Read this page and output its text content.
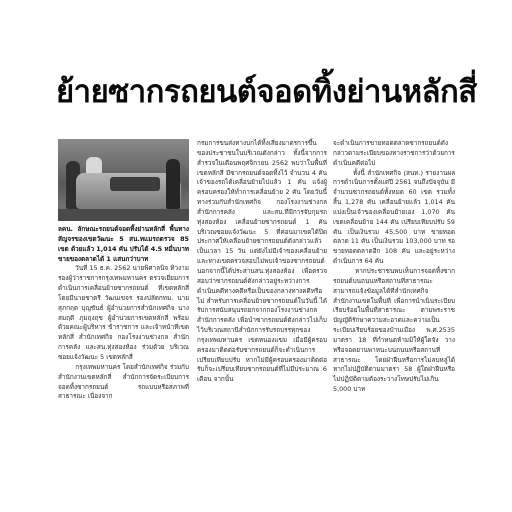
ย้ายซากรถยนต์จอดทิ้งย่านหลักสี่
ลคน. ลักษณะรถยนต์จอดทิ้งย่านหลักสี่ พื้นทางสัญจรของเขตวัฒนะ 5 สน.ทแมรถตรวจ 85 เขต ด้วยแล้ว 1,014 คัน ปรับได้ 4.5 หมื่นบาท ขายของตลาดได้ 1 แสนกว่าบาท
วันที่ 15 ธ.ค. 2562 นายพิศาลนิจ ทิวงาม รองผู้ว่าราชการกรุงเทพมหานคร ตรวจเยี่ยมการดำเนินการเคลื่อนย้ายซากรถยนต์ ที่เขตหลักสี่ โดยมีนายชาตรี วัฒนเขจร รองปลัดกทม. นายสุภกฤต บุญขันธ์ ผู้อำนวยการสำนักเทศกิจ นางสมฤดี ภุมฤงฤช ผู้อำนวยการเขตหลักสี่ พร้อมด้วยคณะผู้บริหาร ข้าราชการ และเจ้าหน้าที่เขตหลักสี่ สำนักเทศกิจ กองโรงงานช่างกล สำนักการคลัง และสน.ทุ่งสองห้อง ร่วมด้วย บริเวณซอยแจ้งวัฒนะ 5 เขตหลักสี่
กรุงเทพมหานคร โดยสำนักเทศกิจ ร่วมกับสำนักงานเขตหลักสี่ สำนักการจัดระเบียบการจอดทิ้งซากรถยนต์ รถแบบหรือสภาพที่สาธารณะ เนื่องจาก
กรมการขนส่งทางบกได้ทิ้งเสี่ยงมาตรการขึ้นของประชาชนในบริเวณดังกล่าว ทั้งนี้จากการสำรวจในเดือนพฤศจิกายน 2562 พบว่าในพื้นที่เขตหลักสี่ มีซากรถยนต์จอดทิ้งไว้ จำนวน 4 คัน เจ้าของรถได้เคลื่อนย้ายไปแล้ว 1 คัน แจ้งผู้ครอบครองให้ทำการเคลื่อนย้าย 2 คัน โดยวันนี้ทางร่วมกับสำนักเทศกิจ กองโรงงานช่างกลสำนักการคลัง และสน.ที่มีการจับกุมรถทุ่งสองห้อง เคลื่อนย้ายซากรถยนต์ 1 คัน บริเวณซอยแจ้งวัฒนะ 5 ที่ค่อนมาเขตได้ปิดประกาศให้เคลื่อนย้ายซากรถยนต์ดังกล่าวแล้วเป็นเวลา 15 วัน แต่ยังไม่มีเจ้าของเคลื่อนย้าย และทางเขตตรวจสอบไม่พบเจ้าของซากรถยนต์ นอกจากนี้ได้ประสานสน.ทุ่งสองห้อง เพื่อตรวจสอบว่าซากรถยนต์ดังกล่าวอยู่ระหว่างการดำเนินคดีทางคดีหรือเป็นของกลางทางคดีหรือไม่ สำหรับการเคลื่อนย้ายซากรถยนต์ในวันนี้ ได้รับการสนับสนุนรถยกจากกองโรงงานช่างกล สำนักการคลัง เพื่อนำซากรถยนต์ดังกล่าวไปเก็บไว้บริเวณสถานีสำนักการรับรถบรรทุกของกรุงเทพมหานคร เขตหนองแขม เมื่อมีผู้ครอบครองมาติดต่อรับซากรถยนต์ก็จะดำเนินการเปรียบเทียบปรับ หากไม่มีผู้ครอบครองมาติดต่อรับก็จะเปรียบเทียบซากรถยนต์ที่ไม่มีประมาณ 6 เดือน จากนั้น
จะดำเนินการขายทอดตลาดซากรถยนต์ดังกล่าวตามระเบียบของทางราชการว่าด้วยการดำเนินคดีต่อไป
ทั้งนี้ สำนักเทศกิจ (สนท.) รายงานผลการดำเนินการตั้งแต่ปี 2561 จนถึงปัจจุบัน มีจำนวนซากรถยนต์ทั้งหมด 60 เขต รวมทั้งสิ้น 1,278 คัน เคลื่อนย้ายแล้ว 1,014 คัน แบ่งเป็นเจ้าของเคลื่อนย้ายเอง 1,070 คัน เขตเคลื่อนย้าย 144 คัน เปรียบเทียบปรับ 59 คัน เป็นเงินรวม 45,500 บาท ขายทอดตลาด 11 คัน เป็นเงินรวม 103,000 บาท รอขายทอดตลาดอีก 108 คัน และอยู่ระหว่างดำเนินการ 64 คัน
หากประชาชนพบเห็นการจอดทิ้งซากรถยนต์บนถนนหรือสถานที่สาธารณะ สามารถแจ้งข้อมูลได้ที่สำนักเทศกิจ สำนักงานเขตในพื้นที่ เพื่อการนำเนินระเบียบเรียบร้อยในพื้นที่สาธารณะ ตามพระราชบัญญัติรักษาความสะอาดและความเป็นระเบียบเรียบร้อยของบ้านเมือง พ.ศ.2535 มาตรา 18 ที่กำหนดห้ามมิให้ผู้ใดจัง วาง หรือจอดยานพาหนะบนถนนหรือสถานที่สาธารณะ โดยฝ่าฝืนหรือการไม่ลบหลู่ได้ หากไม่ปฏิบัติตามมาตรา 58 ผู้ใดฝ่าฝืนหรือไม่ปฏิบัติตามต้องระวางโทษปรับไม่เกิน 5,000 บาท
